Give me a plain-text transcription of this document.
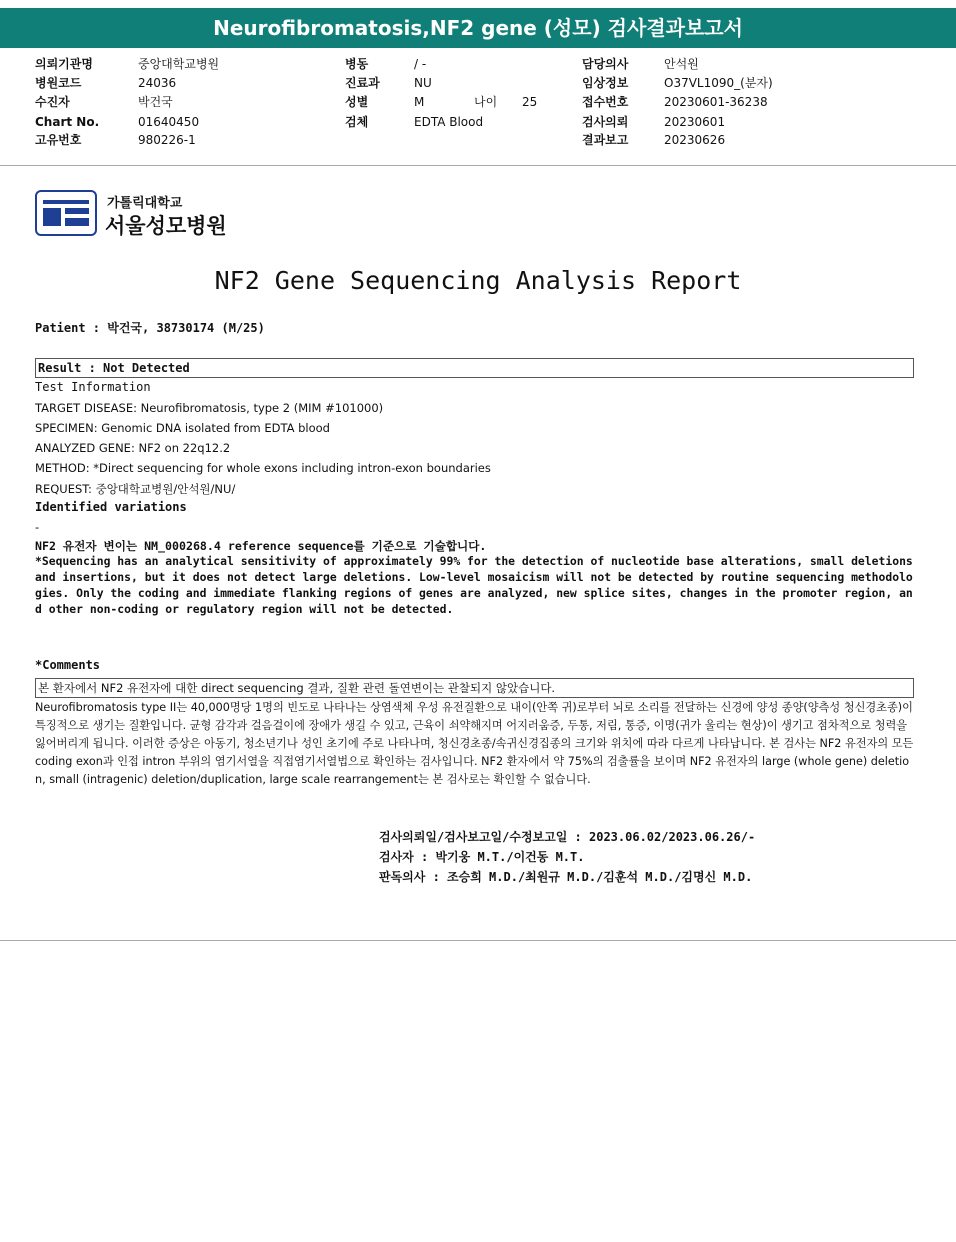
Neurofibromatosis,NF2 gene (성모) 검사결과보고서
의뢰기관명
병원코드
수진자
Chart No.
고유번호
중앙대학교병원
24036
박건국
01640450
980226-1
병동
진료과
성별
검체
/ -
NU
M
EDTA Blood
나이 25
담당의사
임상정보
접수번호
검사의뢰
결과보고
안석원
O37VL1090_(분자)
20230601-36238
20230601
20230626
가톨릭대학교
서울성모병원
NF2 Gene Sequencing Analysis Report
Patient : 박건국, 38730174 (M/25)
Result : Not Detected
Test Information
TARGET DISEASE: Neurofibromatosis, type 2 (MIM #101000)
SPECIMEN: Genomic DNA isolated from EDTA blood
ANALYZED GENE: NF2 on 22q12.2
METHOD: *Direct sequencing for whole exons including intron-exon boundaries
REQUEST: 중앙대학교병원/안석원/NU/
Identified variations
-
NF2 유전자 변이는 NM_000268.4 reference sequence를 기준으로 기술합니다.
*Sequencing has an analytical sensitivity of approximately 99% for the detection of nucleotide base alterations, small deletions and insertions, but it does not detect large deletions. Low-level mosaicism will not be detected by routine sequencing methodologies. Only the coding and immediate flanking regions of genes are analyzed, new splice sites, changes in the promoter region, and other non-coding or regulatory region will not be detected.
*Comments
본 환자에서 NF2 유전자에 대한 direct sequencing 결과, 질환 관련 돌연변이는 관찰되지 않았습니다.
Neurofibromatosis type II는 40,000명당 1명의 빈도로 나타나는 상염색체 우성 유전질환으로 내이(안쪽 귀)로부터 뇌로 소리를 전달하는 신경에 양성 종양(양측성 청신경초종)이 특징적으로 생기는 질환입니다. 균형 감각과 걸음걸이에 장애가 생길 수 있고, 근육이 쇠약해지며 어지러움증, 두통, 저림, 통증, 이명(귀가 울리는 현상)이 생기고 점차적으로 청력을 잃어버리게 됩니다. 이러한 증상은 아동기, 청소년기나 성인 초기에 주로 나타나며, 청신경초종/속귀신경집종의 크기와 위치에 따라 다르게 나타납니다. 본 검사는 NF2 유전자의 모든 coding exon과 인접 intron 부위의 염기서열을 직접염기서열법으로 확인하는 검사입니다. NF2 환자에서 약 75%의 검출률을 보이며 NF2 유전자의 large (whole gene) deletion, small (intragenic) deletion/duplication, large scale rearrangement는 본 검사로는 확인할 수 없습니다.
검사의뢰일/검사보고일/수정보고일 : 2023.06.02/2023.06.26/-
검사자 : 박기웅 M.T./이건동 M.T.
판독의사 : 조승희 M.D./최원규 M.D./김훈석 M.D./김명신 M.D.
